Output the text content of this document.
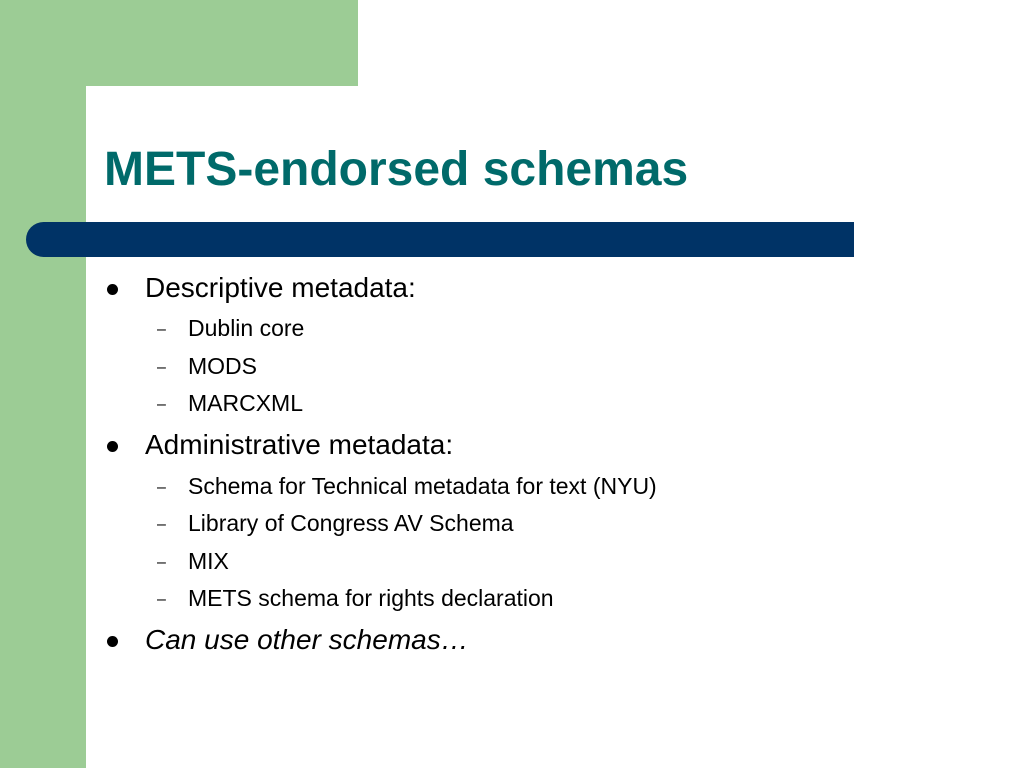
METS-endorsed schemas
Descriptive metadata:
– Dublin core
– MODS
– MARCXML
Administrative metadata:
– Schema for Technical metadata for text (NYU)
– Library of Congress AV Schema
– MIX
– METS schema for rights declaration
Can use other schemas…
